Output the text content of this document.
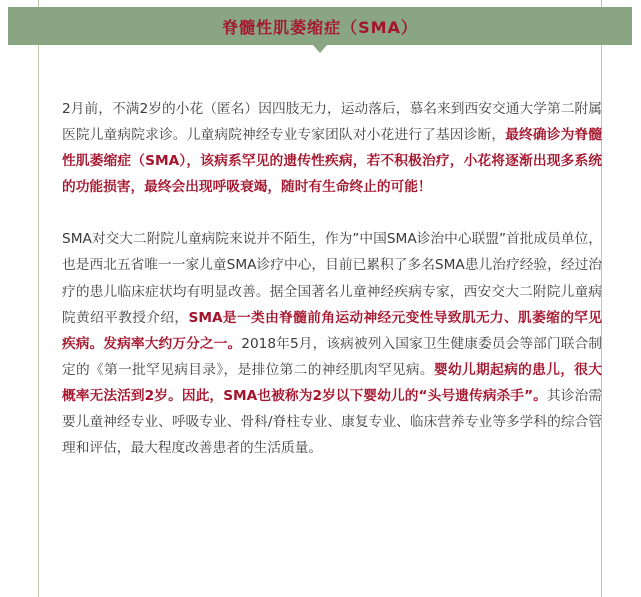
脊髓性肌萎缩症（SMA）

2月前，不满2岁的小花（匿名）因四肢无力，运动落后，慕名来到西安交通大学第二附属医院儿童病院求诊。儿童病院神经专业专家团队对小花进行了基因诊断，最终确诊为脊髓性肌萎缩症（SMA），该病系罕见的遗传性疾病，若不积极治疗，小花将逐渐出现多系统的功能损害，最终会出现呼吸衰竭，随时有生命终止的可能！

SMA对交大二附院儿童病院来说并不陌生，作为”中国SMA诊治中心联盟”首批成员单位，也是西北五省唯一一家儿童SMA诊疗中心，目前已累积了多名SMA患儿治疗经验，经过治疗的患儿临床症状均有明显改善。据全国著名儿童神经疾病专家，西安交大二附院儿童病院黄绍平教授介绍，SMA是一类由脊髓前角运动神经元变性导致肌无力、肌萎缩的罕见疾病。发病率大约万分之一。2018年5月，该病被列入国家卫生健康委员会等部门联合制定的《第一批罕见病目录》，是排位第二的神经肌肉罕见病。婴幼儿期起病的患儿，很大概率无法活到2岁。因此，SMA也被称为2岁以下婴幼儿的“头号遗传病杀手”。其诊治需要儿童神经专业、呼吸专业、骨科/脊柱专业、康复专业、临床营养专业等多学科的综合管理和评估，最大程度改善患者的生活质量。
